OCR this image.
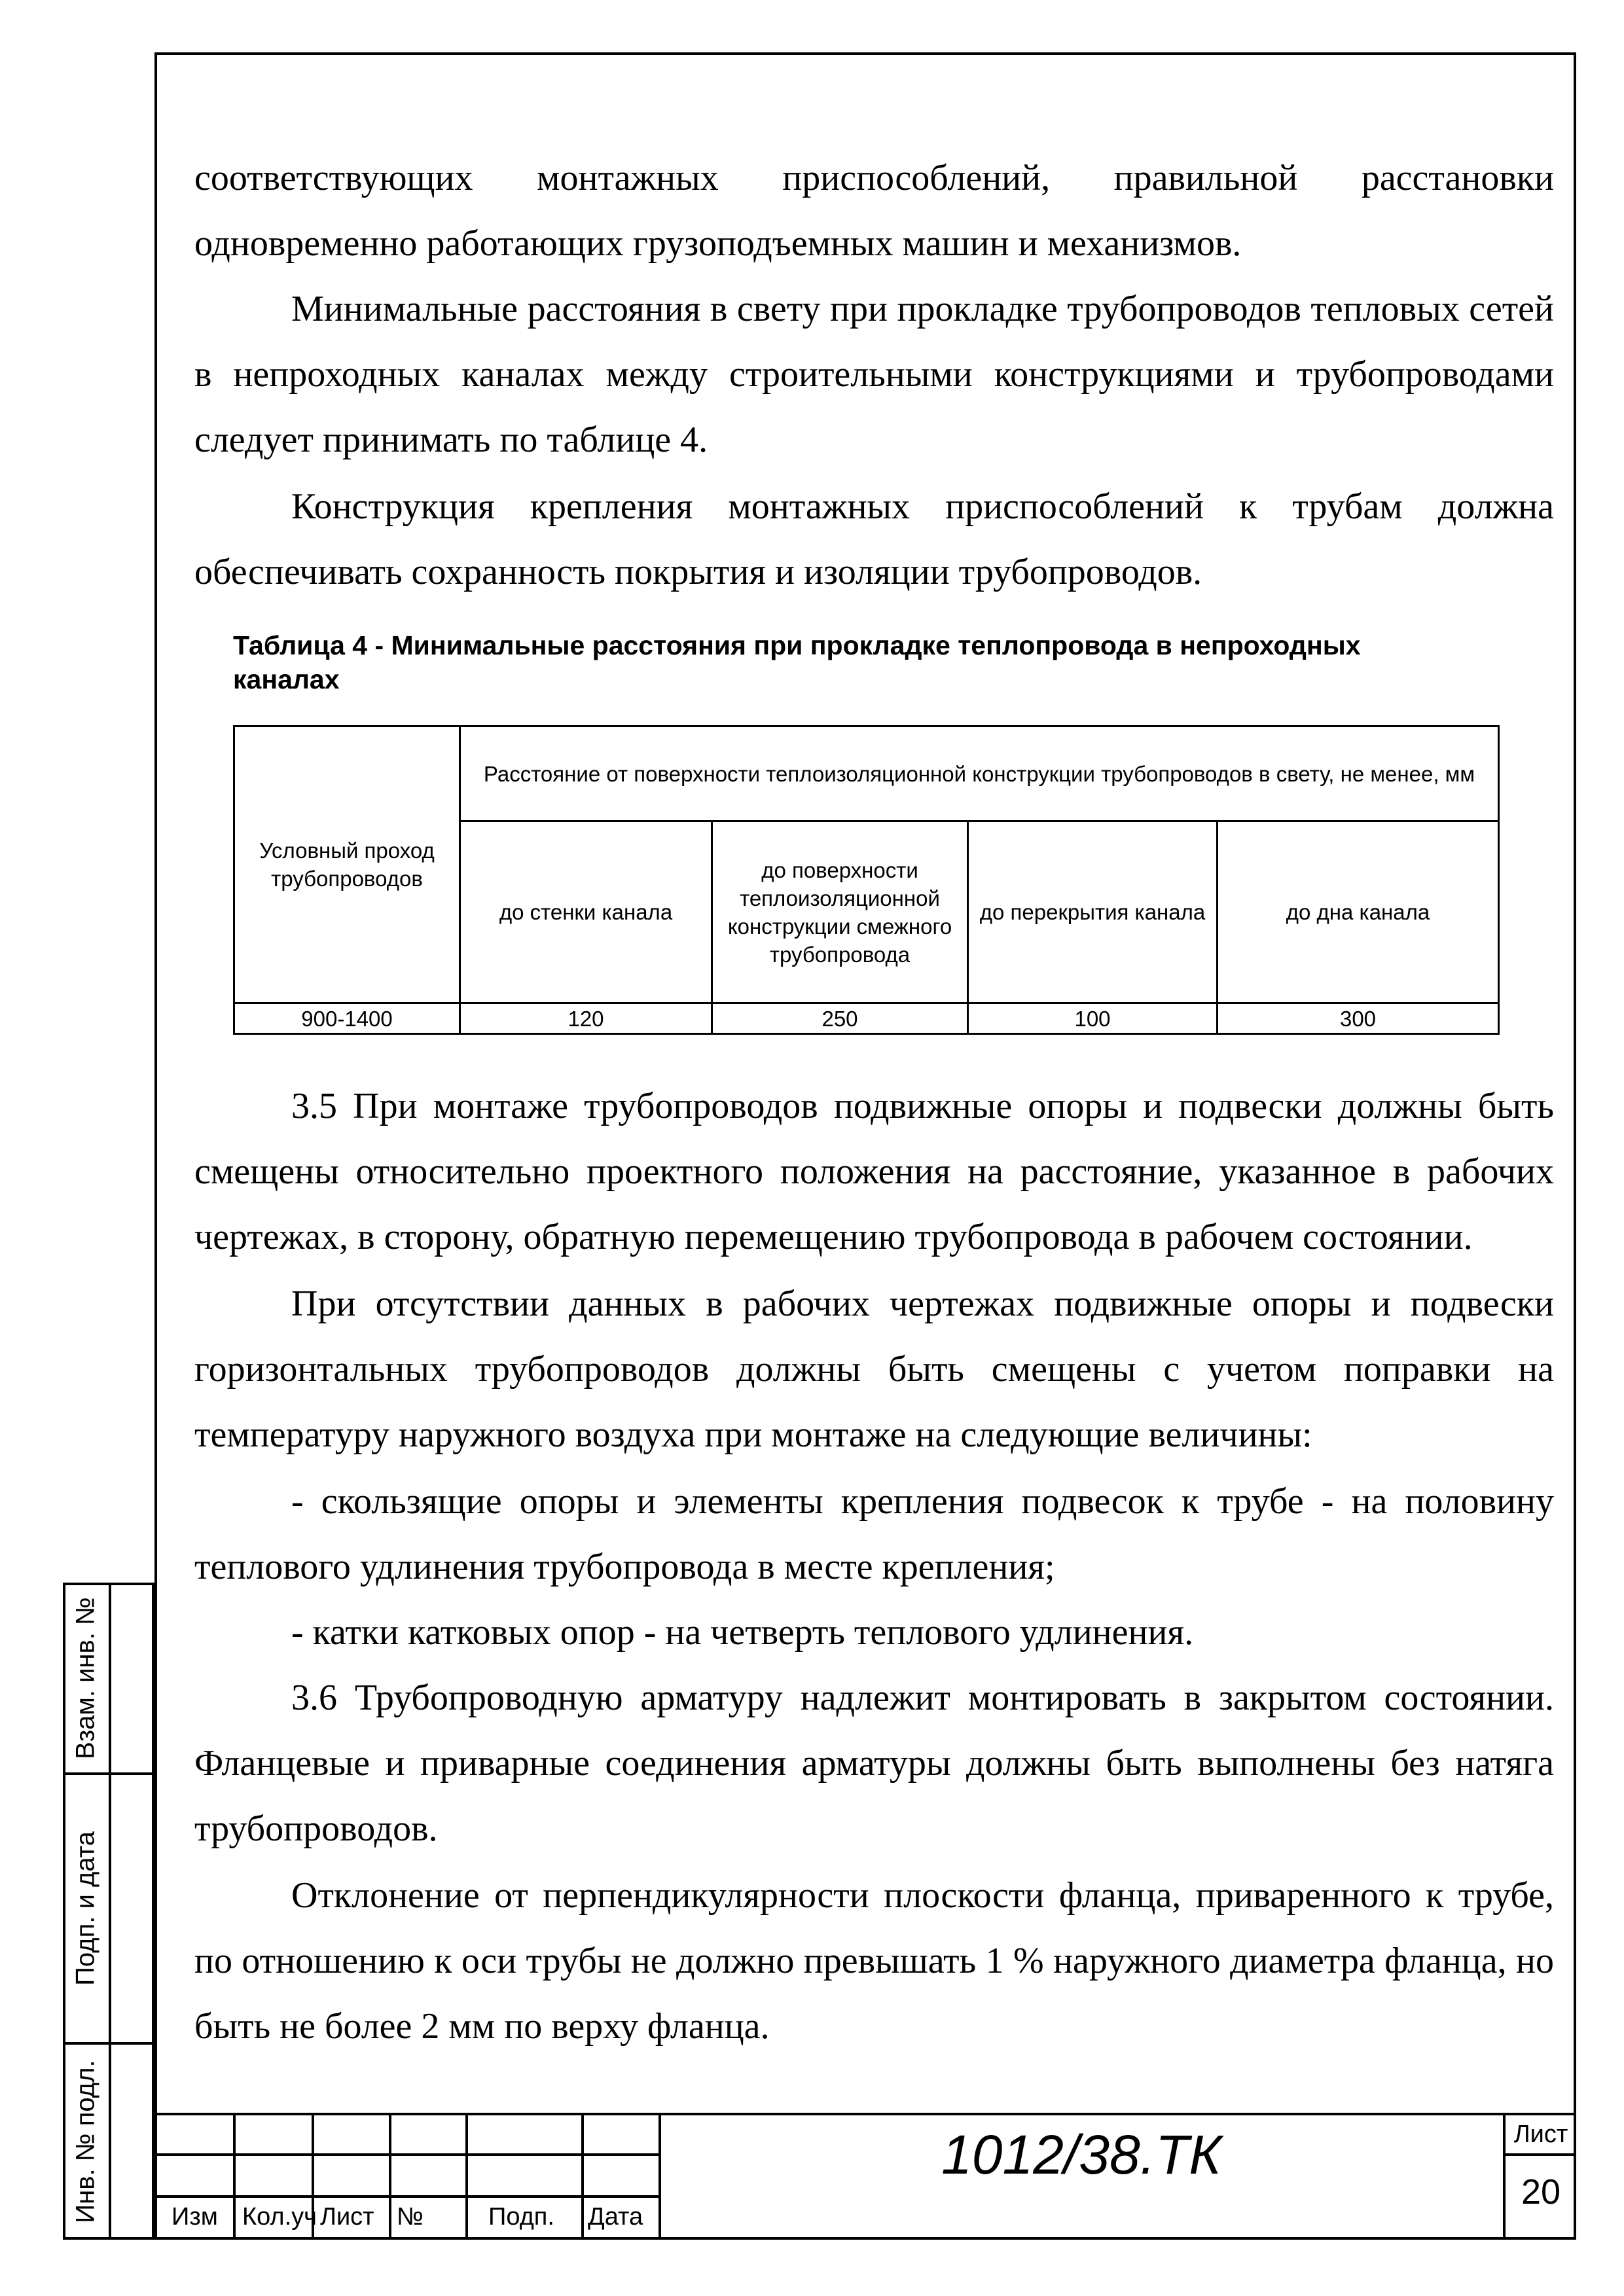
соответствующих монтажных приспособлений, правильной расстановки одновременно работающих грузоподъемных машин и механизмов.

Минимальные расстояния в свету при прокладке трубопроводов тепловых сетей в непроходных каналах между строительными конструкциями и трубопроводами следует принимать по таблице 4.

Конструкция крепления монтажных приспособлений к трубам должна обеспечивать сохранность покрытия и изоляции трубопроводов.

Таблица 4 - Минимальные расстояния при прокладке теплопровода в непроходных каналах
Условный проход трубопроводов	Расстояние от поверхности теплоизоляционной конструкции трубопроводов в свету, не менее, мм			
	до стенки канала	до поверхности теплоизоляционной конструкции смежного трубопровода	до перекрытия канала	до дна канала
900-1400	120	250	100	300

3.5 При монтаже трубопроводов подвижные опоры и подвески должны быть смещены относительно проектного положения на расстояние, указанное в рабочих чертежах, в сторону, обратную перемещению трубопровода в рабочем состоянии.

При отсутствии данных в рабочих чертежах подвижные опоры и подвески горизонтальных трубопроводов должны быть смещены с учетом поправки на температуру наружного воздуха при монтаже на следующие величины:

- скользящие опоры и элементы крепления подвесок к трубе - на половину теплового удлинения трубопровода в месте крепления;

- катки катковых опор - на четверть теплового удлинения.

3.6 Трубопроводную арматуру надлежит монтировать в закрытом состоянии. Фланцевые и приварные соединения арматуры должны быть выполнены без натяга трубопроводов.

Отклонение от перпендикулярности плоскости фланца, приваренного к трубе, по отношению к оси трубы не должно превышать 1 % наружного диаметра фланца, но быть не более 2 мм по верху фланца.

Взам. инв. №
Подп. и дата
Инв. № подл.	Изм Кол.уч Лист №	Подп. Дата
1012/38.ТК	Лист
20
